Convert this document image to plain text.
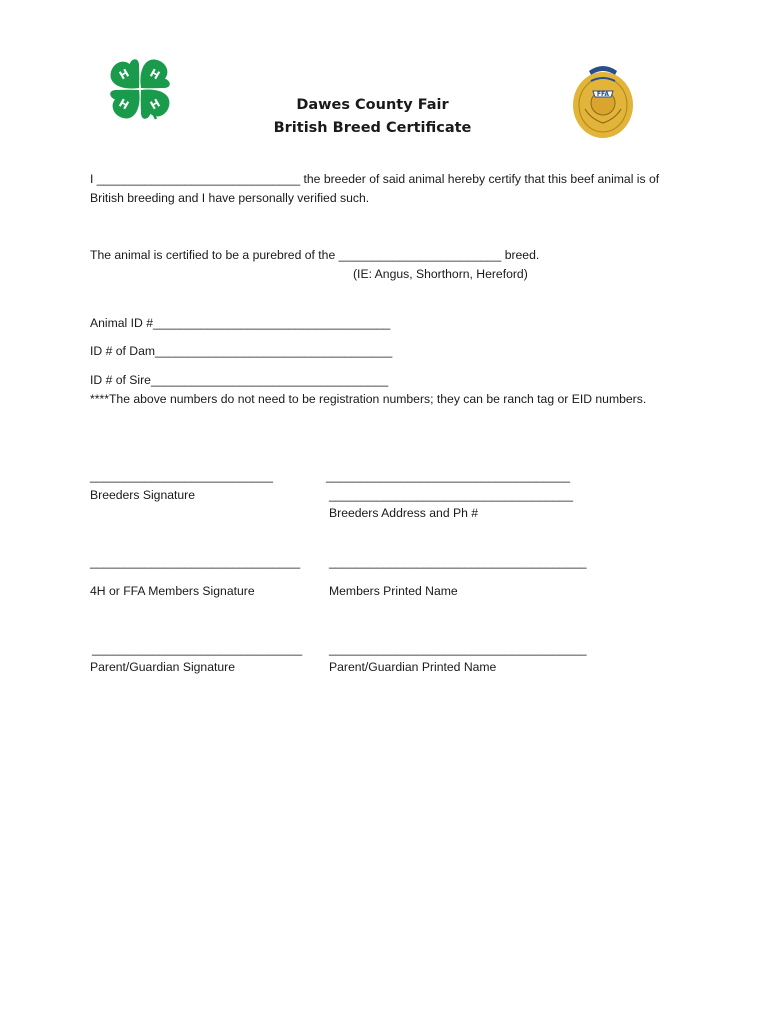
H H
H
H
FFA

Dawes County Fair

British Breed Certificate

I ______________________________ the breeder of said animal hereby certify that this beef animal is of
British breeding and I have personally verified such.
The animal is certified to be a purebred of the ________________________ breed.
(IE: Angus, Shorthorn, Hereford)
Animal ID #___________________________________
ID # of Dam___________________________________
ID # of Sire___________________________________
****The above numbers do not need to be registration numbers; they can be ranch tag or EID numbers.
___________________________
Breeders Signature
____________________________________
____________________________________
Breeders Address and Ph #
_______________________________
4H or FFA Members Signature
______________________________________
Members Printed Name
_______________________________
Parent/Guardian Signature
______________________________________
Parent/Guardian Printed Name
